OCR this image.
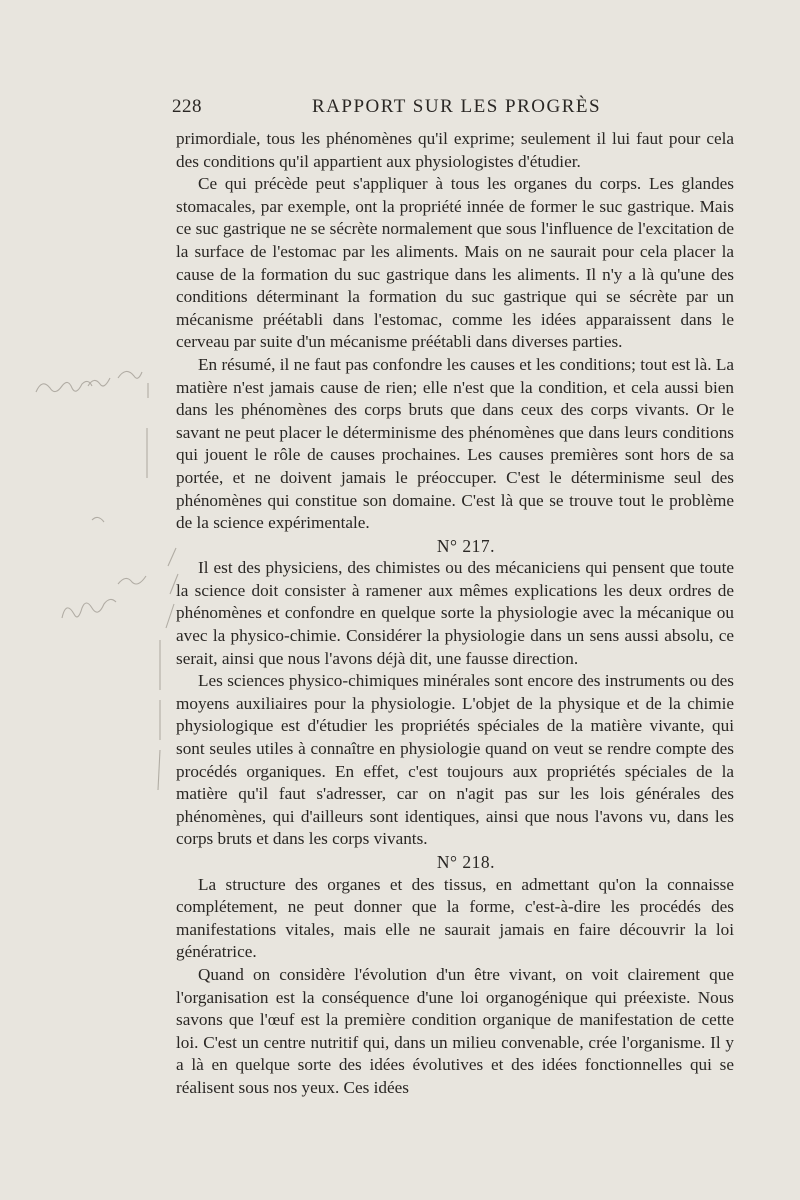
228	RAPPORT SUR LES PROGRÈS

primordiale, tous les phénomènes qu'il exprime; seulement il lui faut pour cela des conditions qu'il appartient aux physiologistes d'étudier.

Ce qui précède peut s'appliquer à tous les organes du corps. Les glandes stomacales, par exemple, ont la propriété innée de former le suc gastrique. Mais ce suc gastrique ne se sécrète normalement que sous l'influence de l'excitation de la surface de l'estomac par les aliments. Mais on ne saurait pour cela placer la cause de la formation du suc gastrique dans les aliments. Il n'y a là qu'une des conditions déterminant la formation du suc gastrique qui se sécrète par un mécanisme préétabli dans l'estomac, comme les idées apparaissent dans le cerveau par suite d'un mécanisme préétabli dans diverses parties.

En résumé, il ne faut pas confondre les causes et les conditions; tout est là. La matière n'est jamais cause de rien; elle n'est que la condition, et cela aussi bien dans les phénomènes des corps bruts que dans ceux des corps vivants. Or le savant ne peut placer le déterminisme des phénomènes que dans leurs conditions qui jouent le rôle de causes prochaines. Les causes premières sont hors de sa portée, et ne doivent jamais le préoccuper. C'est le déterminisme seul des phénomènes qui constitue son domaine. C'est là que se trouve tout le problème de la science expérimentale.

N° 217.

Il est des physiciens, des chimistes ou des mécaniciens qui pensent que toute la science doit consister à ramener aux mêmes explications les deux ordres de phénomènes et confondre en quelque sorte la physiologie avec la mécanique ou avec la physico-chimie. Considérer la physiologie dans un sens aussi absolu, ce serait, ainsi que nous l'avons déjà dit, une fausse direction.

Les sciences physico-chimiques minérales sont encore des instruments ou des moyens auxiliaires pour la physiologie. L'objet de la physique et de la chimie physiologique est d'étudier les propriétés spéciales de la matière vivante, qui sont seules utiles à connaître en physiologie quand on veut se rendre compte des procédés organiques. En effet, c'est toujours aux propriétés spéciales de la matière qu'il faut s'adresser, car on n'agit pas sur les lois générales des phénomènes, qui d'ailleurs sont identiques, ainsi que nous l'avons vu, dans les corps bruts et dans les corps vivants.

N° 218.

La structure des organes et des tissus, en admettant qu'on la connaisse complétement, ne peut donner que la forme, c'est-à-dire les procédés des manifestations vitales, mais elle ne saurait jamais en faire découvrir la loi génératrice.

Quand on considère l'évolution d'un être vivant, on voit clairement que l'organisation est la conséquence d'une loi organogénique qui préexiste. Nous savons que l'œuf est la première condition organique de manifestation de cette loi. C'est un centre nutritif qui, dans un milieu convenable, crée l'organisme. Il y a là en quelque sorte des idées évolutives et des idées fonctionnelles qui se réalisent sous nos yeux. Ces idées
